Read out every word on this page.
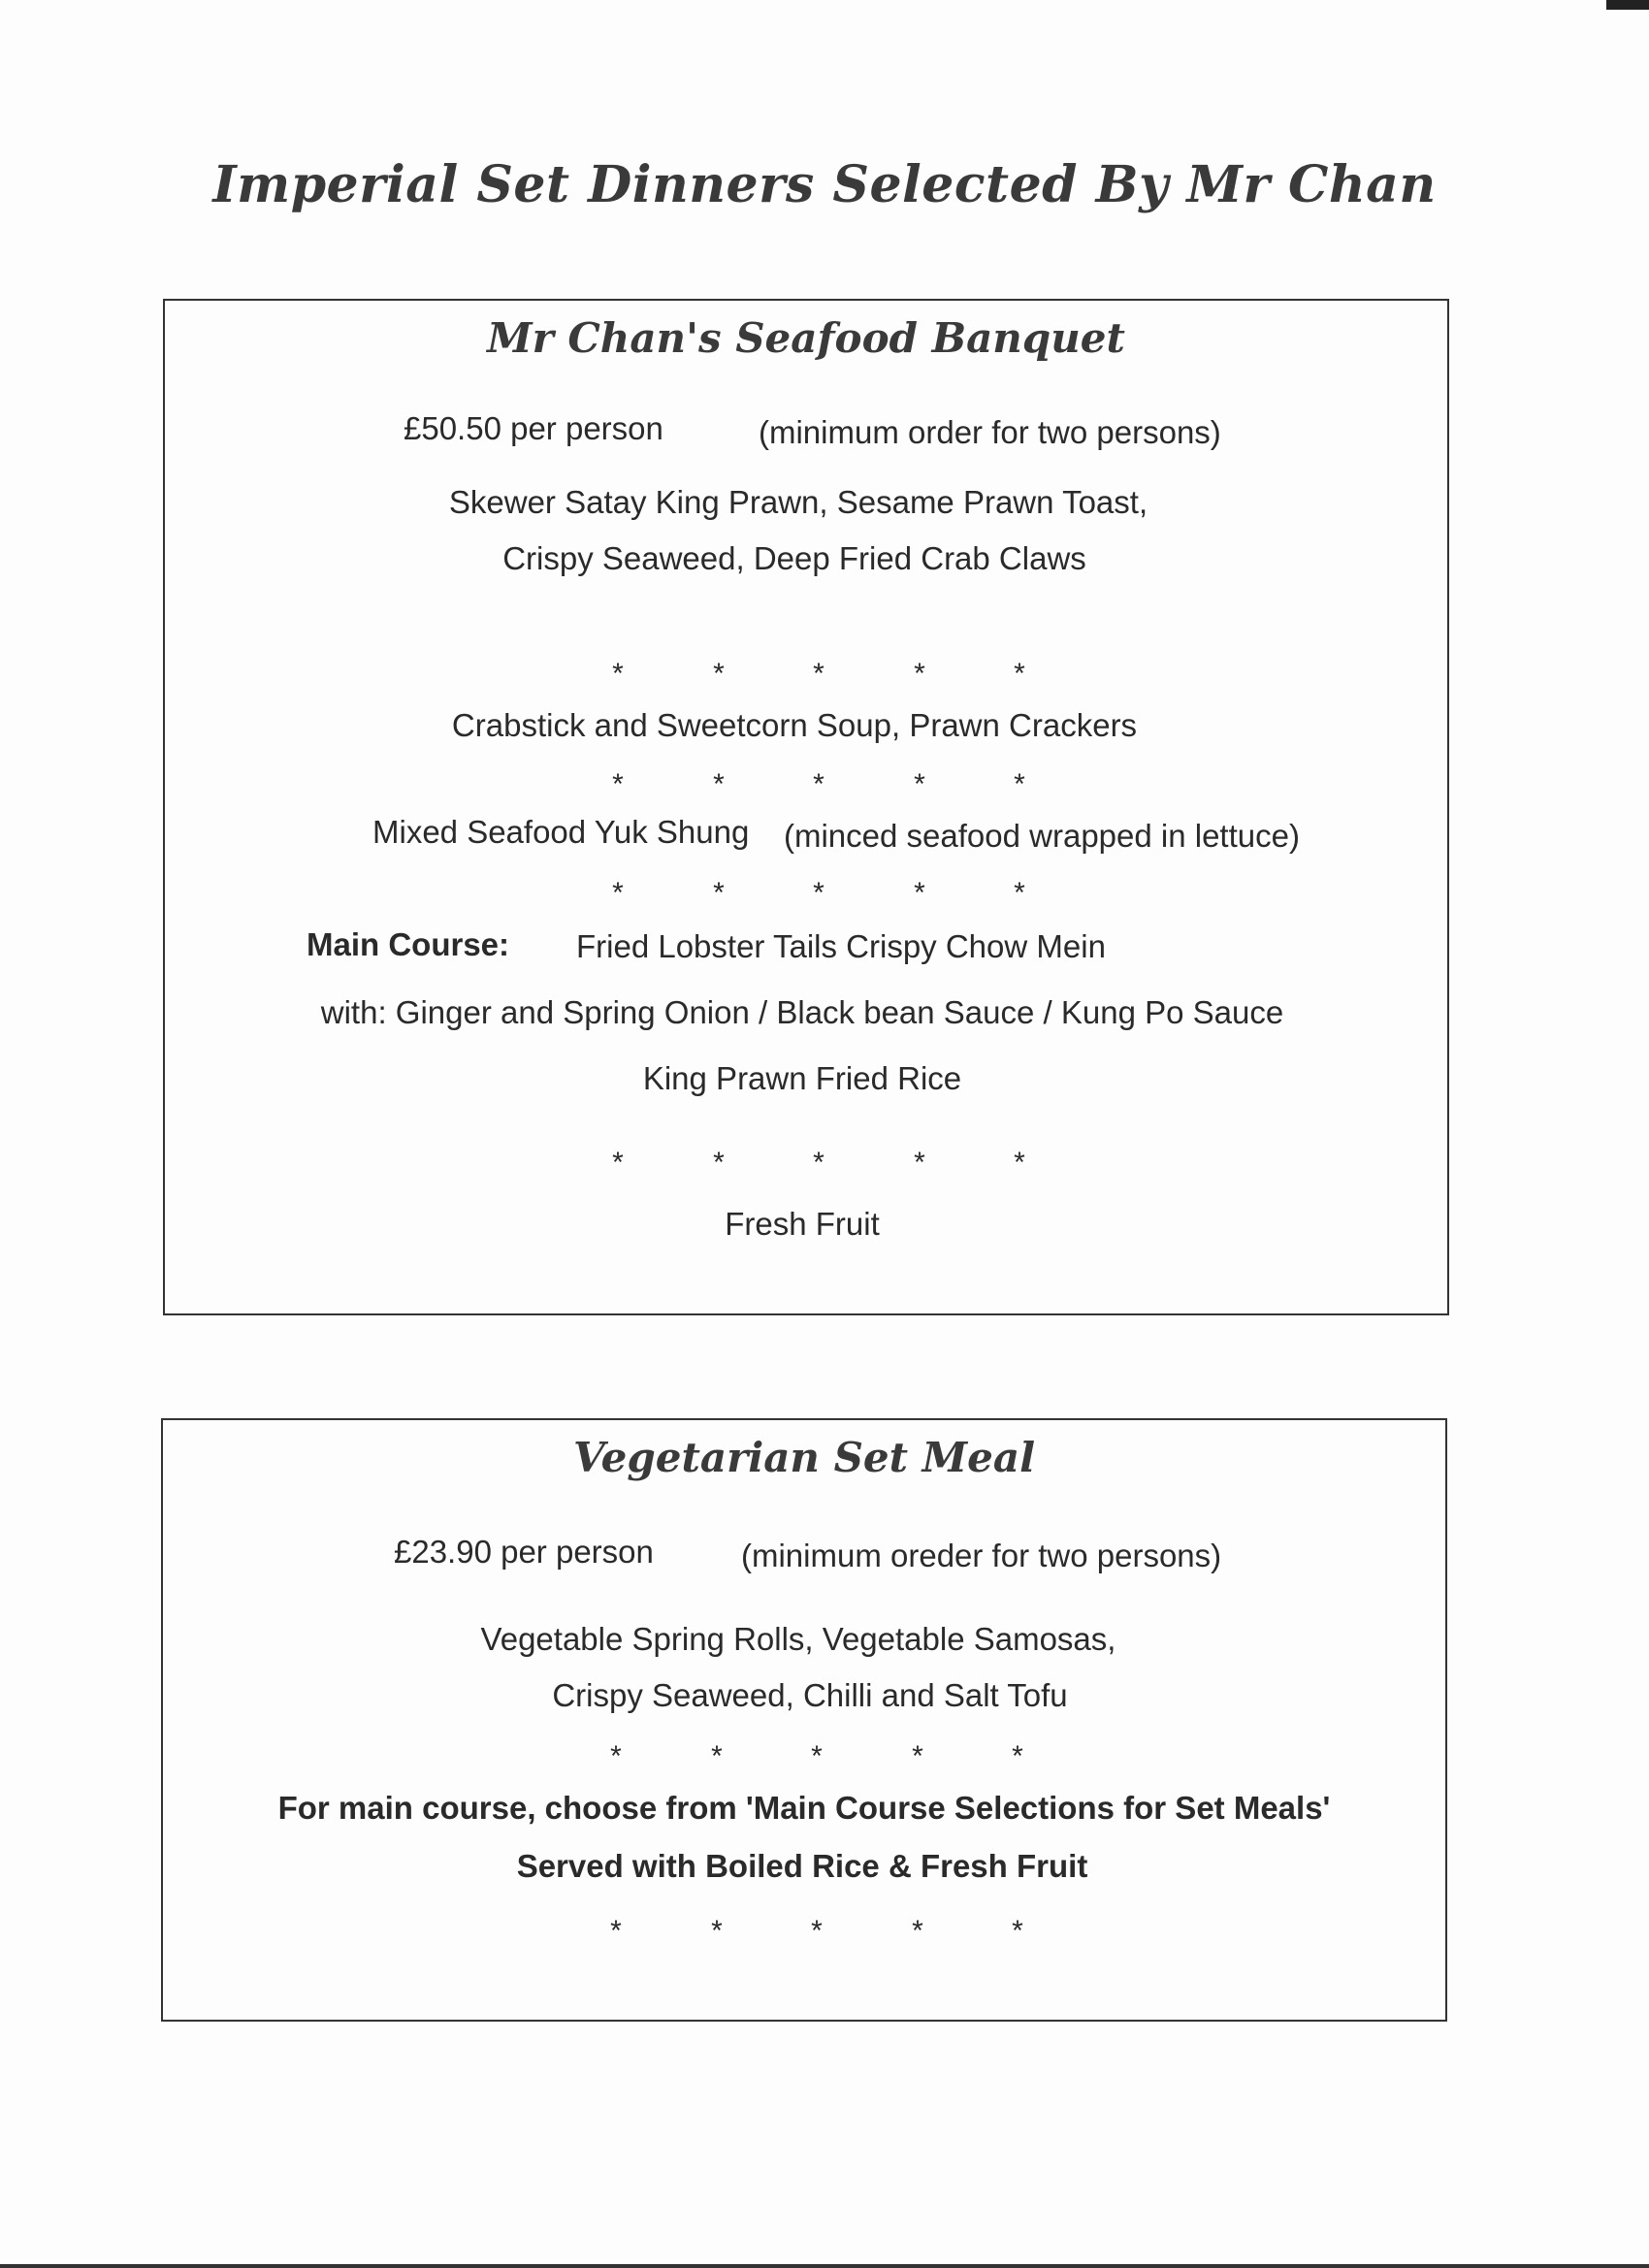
Imperial Set Dinners Selected By Mr Chan
Mr Chan's Seafood Banquet
£50.50 per person	(minimum order for two persons)
Skewer Satay King Prawn, Sesame Prawn Toast,
Crispy Seaweed, Deep Fried Crab Claws
*	*	*	*	*
Crabstick and Sweetcorn Soup, Prawn Crackers
*	*	*	*	*
Mixed Seafood Yuk Shung (minced seafood wrapped in lettuce)
*	*	*	*	*
Main Course: Fried Lobster Tails Crispy Chow Mein
with: Ginger and Spring Onion / Black bean Sauce / Kung Po Sauce
King Prawn Fried Rice
*	*	*	*	*
Fresh Fruit
Vegetarian Set Meal
£23.90 per person	(minimum oreder for two persons)
Vegetable Spring Rolls, Vegetable Samosas,
Crispy Seaweed, Chilli and Salt Tofu
*	*	*	*	*
For main course, choose from 'Main Course Selections for Set Meals'
Served with Boiled Rice & Fresh Fruit
*	*	*	*	*
